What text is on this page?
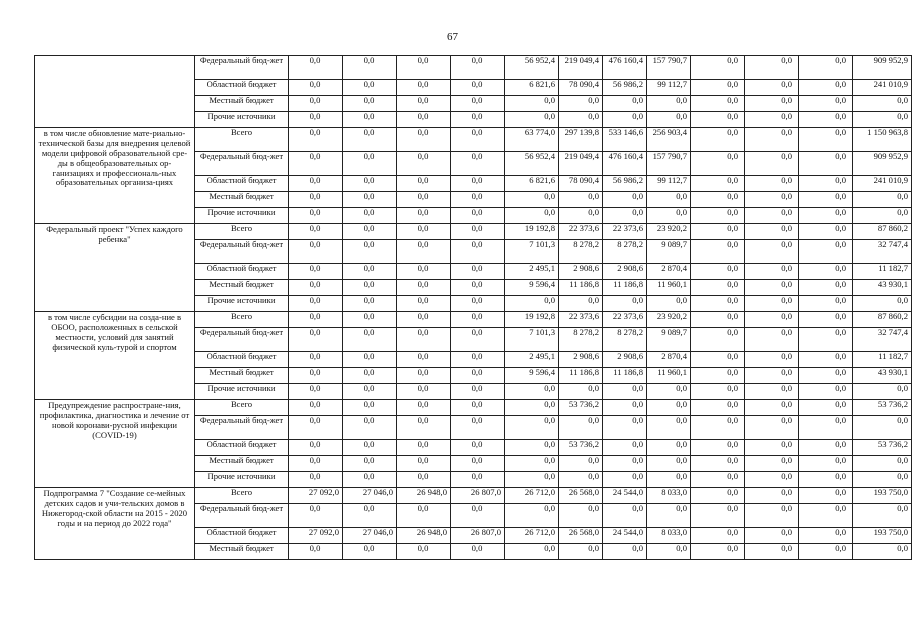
67
	Федеральный бюд-жет	0,0	0,0	0,0	0,0	56 952,4	219 049,4	476 160,4	157 790,7	0,0	0,0	0,0	909 952,9
	Областной бюджет	0,0	0,0	0,0	0,0	6 821,6	78 090,4	56 986,2	99 112,7	0,0	0,0	0,0	241 010,9
	Местный бюджет	0,0	0,0	0,0	0,0	0,0	0,0	0,0	0,0	0,0	0,0	0,0	0,0
	Прочие источники	0,0	0,0	0,0	0,0	0,0	0,0	0,0	0,0	0,0	0,0	0,0	0,0
в том числе обновление мате-риально-технической базы для внедрения целевой модели цифровой образовательной сре-ды в общеобразовательных ор-ганизациях и профессиональ-ных образовательных организа-циях	Всего	0,0	0,0	0,0	0,0	63 774,0	297 139,8	533 146,6	256 903,4	0,0	0,0	0,0	1 150 963,8
	Федеральный бюд-жет	0,0	0,0	0,0	0,0	56 952,4	219 049,4	476 160,4	157 790,7	0,0	0,0	0,0	909 952,9
	Областной бюджет	0,0	0,0	0,0	0,0	6 821,6	78 090,4	56 986,2	99 112,7	0,0	0,0	0,0	241 010,9
	Местный бюджет	0,0	0,0	0,0	0,0	0,0	0,0	0,0	0,0	0,0	0,0	0,0	0,0
	Прочие источники	0,0	0,0	0,0	0,0	0,0	0,0	0,0	0,0	0,0	0,0	0,0	0,0
Федеральный проект "Успех каждого ребенка"	Всего	0,0	0,0	0,0	0,0	19 192,8	22 373,6	22 373,6	23 920,2	0,0	0,0	0,0	87 860,2
	Федеральный бюд-жет	0,0	0,0	0,0	0,0	7 101,3	8 278,2	8 278,2	9 089,7	0,0	0,0	0,0	32 747,4
	Областной бюджет	0,0	0,0	0,0	0,0	2 495,1	2 908,6	2 908,6	2 870,4	0,0	0,0	0,0	11 182,7
	Местный бюджет	0,0	0,0	0,0	0,0	9 596,4	11 186,8	11 186,8	11 960,1	0,0	0,0	0,0	43 930,1
	Прочие источники	0,0	0,0	0,0	0,0	0,0	0,0	0,0	0,0	0,0	0,0	0,0	0,0
в том числе субсидии на созда-ние в ОБОО, расположенных в сельской местности, условий для занятий физической куль-турой и спортом	Всего	0,0	0,0	0,0	0,0	19 192,8	22 373,6	22 373,6	23 920,2	0,0	0,0	0,0	87 860,2
	Федеральный бюд-жет	0,0	0,0	0,0	0,0	7 101,3	8 278,2	8 278,2	9 089,7	0,0	0,0	0,0	32 747,4
	Областной бюджет	0,0	0,0	0,0	0,0	2 495,1	2 908,6	2 908,6	2 870,4	0,0	0,0	0,0	11 182,7
	Местный бюджет	0,0	0,0	0,0	0,0	9 596,4	11 186,8	11 186,8	11 960,1	0,0	0,0	0,0	43 930,1
	Прочие источники	0,0	0,0	0,0	0,0	0,0	0,0	0,0	0,0	0,0	0,0	0,0	0,0
Предупреждение распростране-ния, профилактика, диагностика и лечение от новой коронави-русной инфекции (COVID-19)	Всего	0,0	0,0	0,0	0,0	0,0	53 736,2	0,0	0,0	0,0	0,0	0,0	53 736,2
	Федеральный бюд-жет	0,0	0,0	0,0	0,0	0,0	0,0	0,0	0,0	0,0	0,0	0,0	0,0
	Областной бюджет	0,0	0,0	0,0	0,0	0,0	53 736,2	0,0	0,0	0,0	0,0	0,0	53 736,2
	Местный бюджет	0,0	0,0	0,0	0,0	0,0	0,0	0,0	0,0	0,0	0,0	0,0	0,0
	Прочие источники	0,0	0,0	0,0	0,0	0,0	0,0	0,0	0,0	0,0	0,0	0,0	0,0
Подпрограмма 7 "Создание се-мейных детских садов и учи-тельских домов в Нижегород-ской области на 2015 - 2020 годы и на период до 2022 года"	Всего	27 092,0	27 046,0	26 948,0	26 807,0	26 712,0	26 568,0	24 544,0	8 033,0	0,0	0,0	0,0	193 750,0
	Федеральный бюд-жет	0,0	0,0	0,0	0,0	0,0	0,0	0,0	0,0	0,0	0,0	0,0	0,0
	Областной бюджет	27 092,0	27 046,0	26 948,0	26 807,0	26 712,0	26 568,0	24 544,0	8 033,0	0,0	0,0	0,0	193 750,0
	Местный бюджет	0,0	0,0	0,0	0,0	0,0	0,0	0,0	0,0	0,0	0,0	0,0	0,0
